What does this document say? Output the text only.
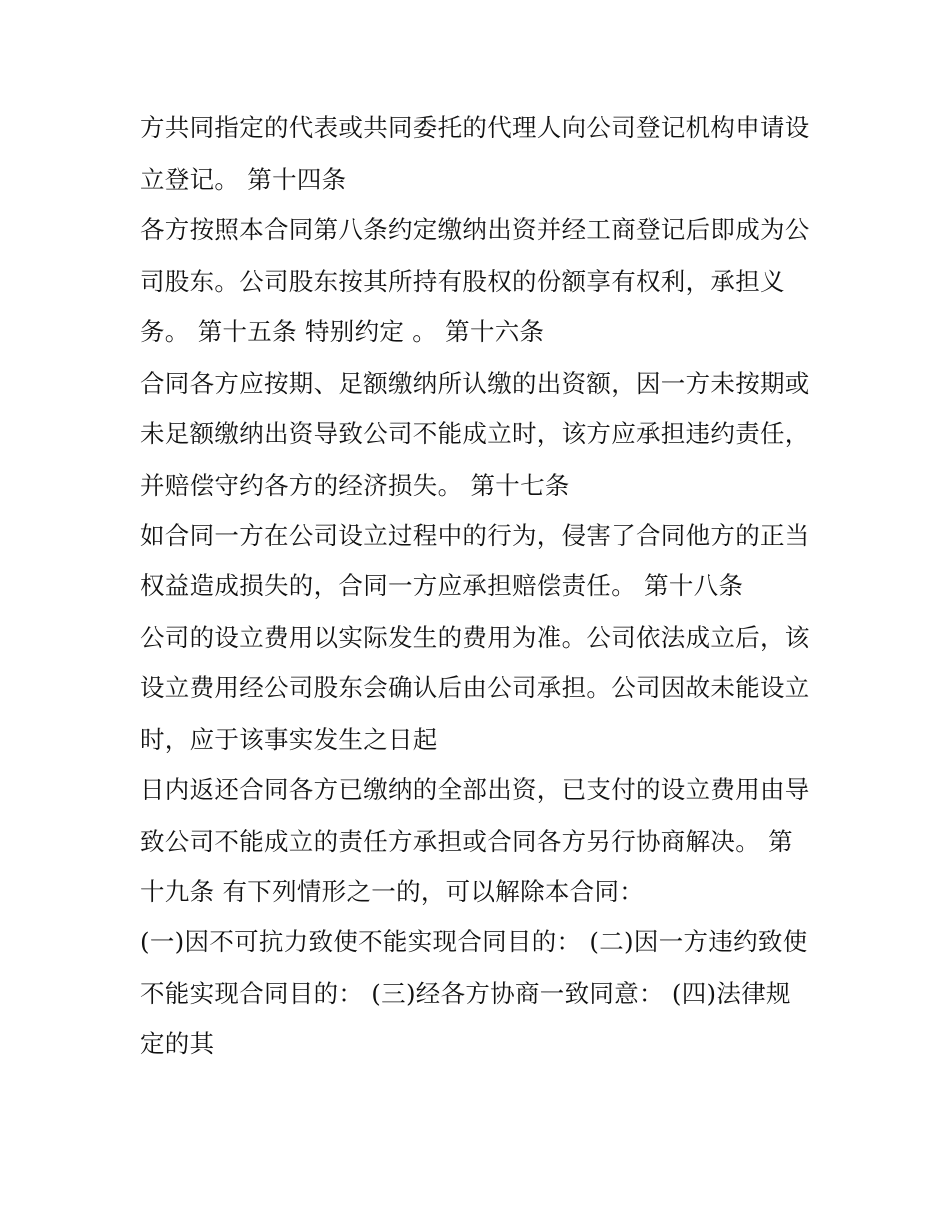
方共同指定的代表或共同委托的代理人向公司登记机构申请设
立登记。 第十四条
各方按照本合同第八条约定缴纳出资并经工商登记后即成为公
司股东。公司股东按其所持有股权的份额享有权利，承担义
务。 第十五条 特别约定 。 第十六条
合同各方应按期、足额缴纳所认缴的出资额，因一方未按期或
未足额缴纳出资导致公司不能成立时，该方应承担违约责任，
并赔偿守约各方的经济损失。 第十七条
如合同一方在公司设立过程中的行为，侵害了合同他方的正当
权益造成损失的，合同一方应承担赔偿责任。 第十八条
公司的设立费用以实际发生的费用为准。公司依法成立后，该
设立费用经公司股东会确认后由公司承担。公司因故未能设立
时，应于该事实发生之日起
日内返还合同各方已缴纳的全部出资，已支付的设立费用由导
致公司不能成立的责任方承担或合同各方另行协商解决。 第
十九条 有下列情形之一的，可以解除本合同：
(一)因不可抗力致使不能实现合同目的： (二)因一方违约致使
不能实现合同目的： (三)经各方协商一致同意： (四)法律规
定的其
